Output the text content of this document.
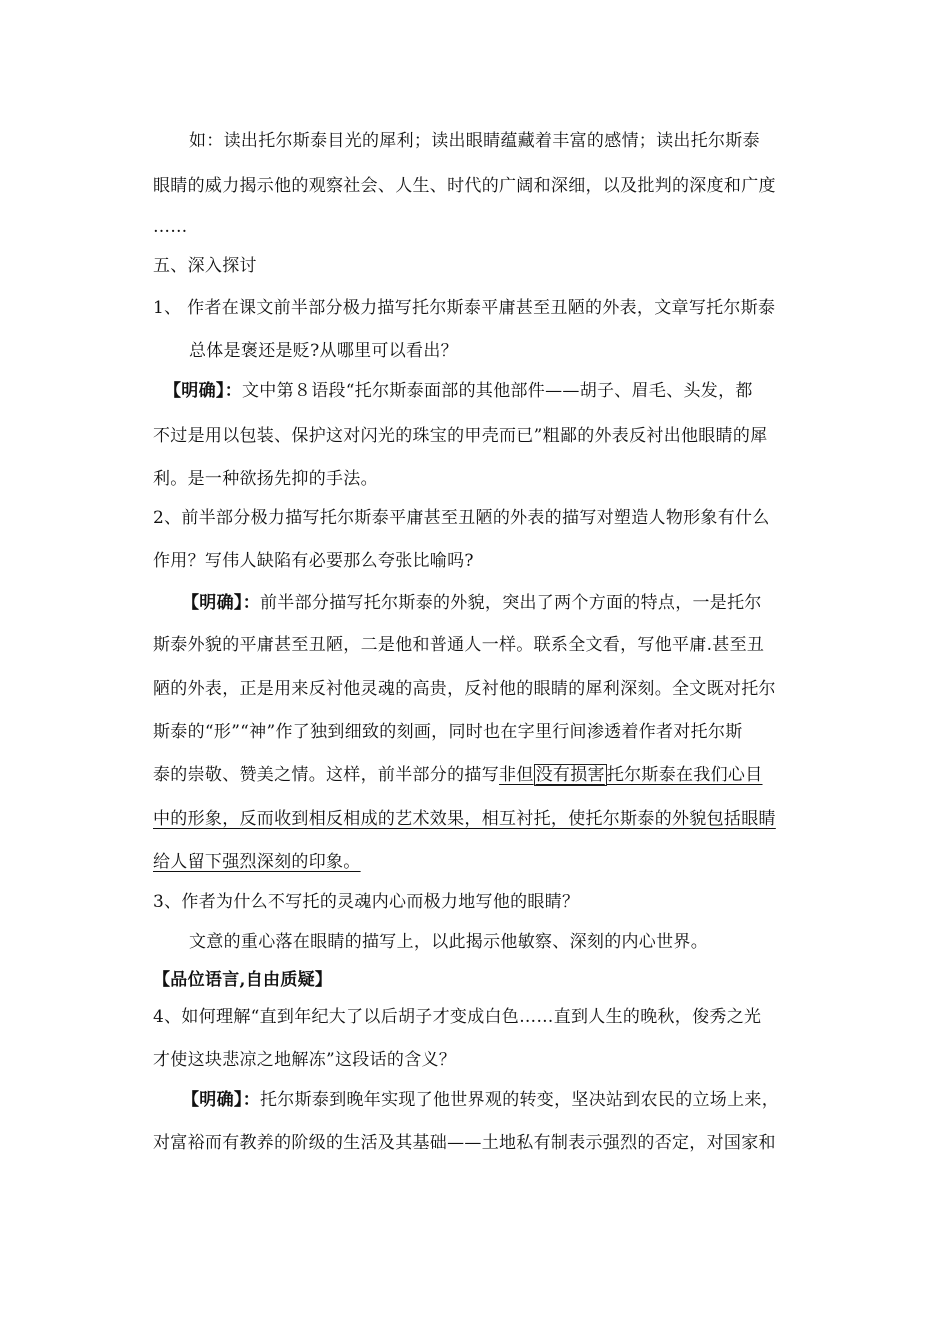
如：读出托尔斯泰目光的犀利；读出眼睛蕴藏着丰富的感情；读出托尔斯泰
眼睛的威力揭示他的观察社会、人生、时代的广阔和深细，以及批判的深度和广度
……
五、深入探讨
1、 作者在课文前半部分极力描写托尔斯泰平庸甚至丑陋的外表，文章写托尔斯泰
总体是褒还是贬?从哪里可以看出？
【明确】：文中第８语段“托尔斯泰面部的其他部件——胡子、眉毛、头发，都
不过是用以包装、保护这对闪光的珠宝的甲壳而已”粗鄙的外表反衬出他眼睛的犀
利。是一种欲扬先抑的手法。
2、前半部分极力描写托尔斯泰平庸甚至丑陋的外表的描写对塑造人物形象有什么
作用？写伟人缺陷有必要那么夸张比喻吗?
【明确】：前半部分描写托尔斯泰的外貌，突出了两个方面的特点，一是托尔
斯泰外貌的平庸甚至丑陋，二是他和普通人一样。联系全文看，写他平庸.甚至丑
陋的外表，正是用来反衬他灵魂的高贵，反衬他的眼睛的犀利深刻。全文既对托尔
斯泰的“形”“神”作了独到细致的刻画，同时也在字里行间渗透着作者对托尔斯
泰的崇敬、赞美之情。这样，前半部分的描写非但 没有损害 托尔斯泰在我们心目
中的形象，反而收到相反相成的艺术效果，相互衬托，使托尔斯泰的外貌包括眼睛
给人留下强烈深刻的印象。
3、作者为什么不写托的灵魂内心而极力地写他的眼睛？
文意的重心落在眼睛的描写上，以此揭示他敏察、深刻的内心世界。
【品位语言,自由质疑】
4、如何理解“直到年纪大了以后胡子才变成白色……直到人生的晚秋，俊秀之光
才使这块悲凉之地解冻”这段话的含义？
【明确】：托尔斯泰到晚年实现了他世界观的转变，坚决站到农民的立场上来，
对富裕而有教养的阶级的生活及其基础——土地私有制表示强烈的否定，对国家和
